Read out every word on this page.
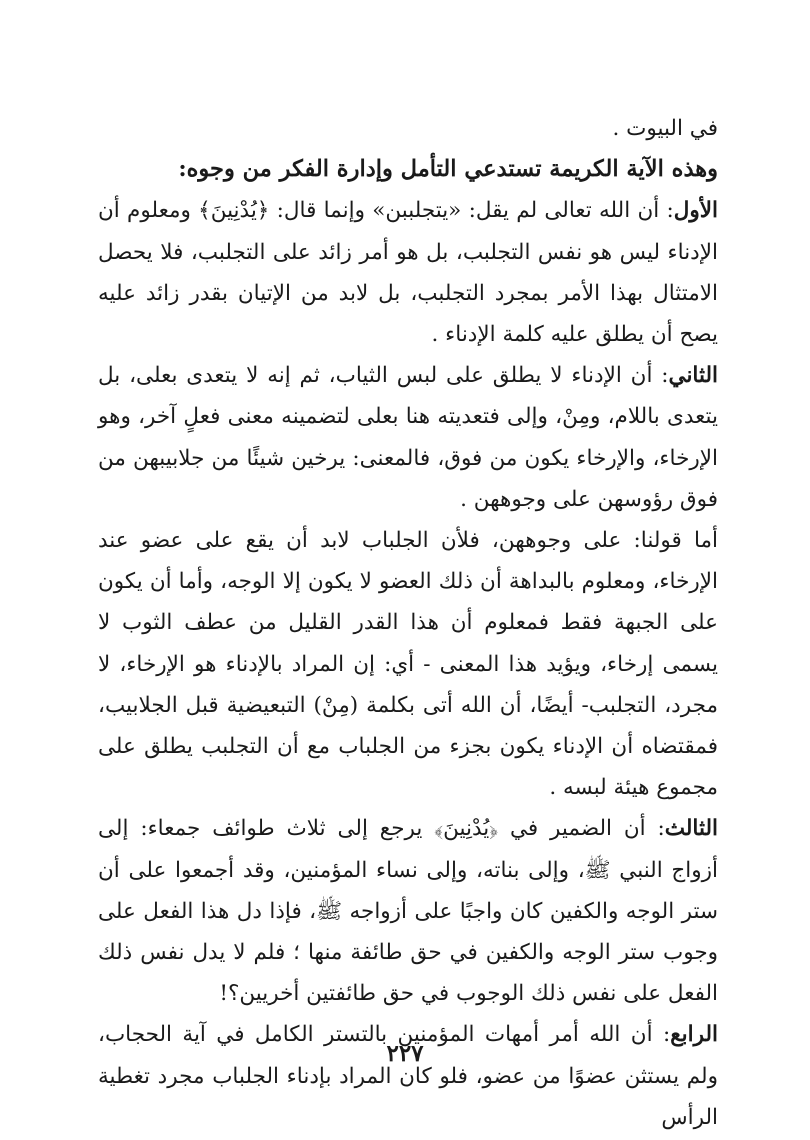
في البيوت .

وهذه الآية الكريمة تستدعي التأمل وإدارة الفكر من وجوه:

الأول: أن الله تعالى لم يقل: «يتجلببن» وإنما قال: ﴿يُدْنِينَ﴾ ومعلوم أن الإدناء ليس هو نفس التجلبب، بل هو أمر زائد على التجلبب، فلا يحصل الامتثال بهذا الأمر بمجرد التجلبب، بل لابد من الإتيان بقدر زائد عليه يصح أن يطلق عليه كلمة الإدناء .

الثاني: أن الإدناء لا يطلق على لبس الثياب، ثم إنه لا يتعدى بعلى، بل يتعدى باللام، ومِنْ، وإلى فتعديته هنا بعلى لتضمينه معنى فعلٍ آخر، وهو الإرخاء، والإرخاء يكون من فوق، فالمعنى: يرخين شيئًا من جلابيبهن من فوق رؤوسهن على وجوههن .

أما قولنا: على وجوههن، فلأن الجلباب لابد أن يقع على عضو عند الإرخاء، ومعلوم بالبداهة أن ذلك العضو لا يكون إلا الوجه، وأما أن يكون على الجبهة فقط فمعلوم أن هذا القدر القليل من عطف الثوب لا يسمى إرخاء، ويؤيد هذا المعنى - أي: إن المراد بالإدناء هو الإرخاء، لا مجرد، التجلبب- أيضًا، أن الله أتى بكلمة (مِنْ) التبعيضية قبل الجلابيب، فمقتضاه أن الإدناء يكون بجزء من الجلباب مع أن التجلبب يطلق على مجموع هيئة لبسه .

الثالث: أن الضمير في ﴿يُدْنِينَ﴾ يرجع إلى ثلاث طوائف جمعاء: إلى أزواج النبي ﷺ، وإلى بناته، وإلى نساء المؤمنين، وقد أجمعوا على أن ستر الوجه والكفين كان واجبًا على أزواجه ﷺ، فإذا دل هذا الفعل على وجوب ستر الوجه والكفين في حق طائفة منها ؛ فلم لا يدل نفس ذلك الفعل على نفس ذلك الوجوب في حق طائفتين أخريين؟!

الرابع: أن الله أمر أمهات المؤمنين بالتستر الكامل في آية الحجاب، ولم يستثن عضوًا من عضو، فلو كان المراد بإدناء الجلباب مجرد تغطية الرأس

٢٢٧
